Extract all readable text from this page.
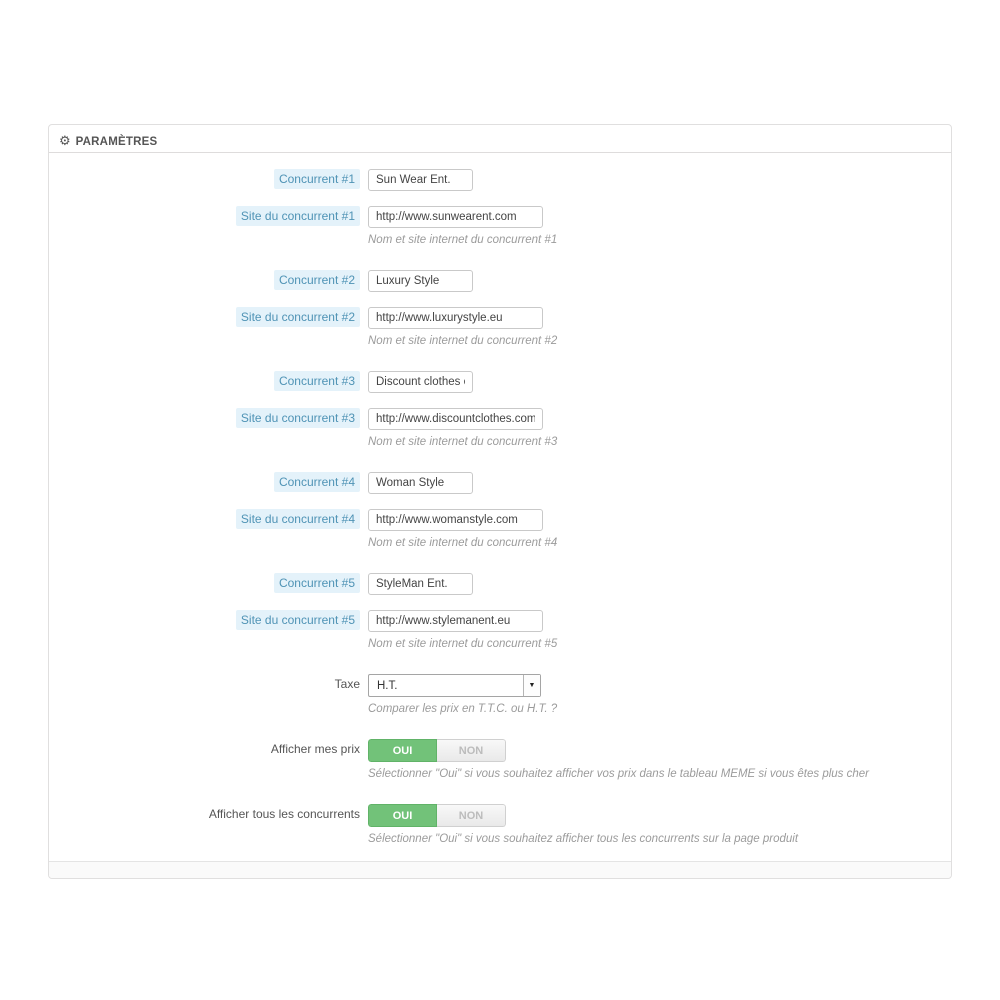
⚙ PARAMÈTRES
Concurrent #1
Sun Wear Ent.
Site du concurrent #1
http://www.sunwearent.com
Nom et site internet du concurrent #1
Concurrent #2
Luxury Style
Site du concurrent #2
http://www.luxurystyle.eu
Nom et site internet du concurrent #2
Concurrent #3
Discount clothes e
Site du concurrent #3
http://www.discountclothes.com
Nom et site internet du concurrent #3
Concurrent #4
Woman Style
Site du concurrent #4
http://www.womanstyle.com
Nom et site internet du concurrent #4
Concurrent #5
StyleMan Ent.
Site du concurrent #5
http://www.stylemanent.eu
Nom et site internet du concurrent #5
Taxe	H.T.	▼
Comparer les prix en T.T.C. ou H.T. ?
Afficher mes prix	OUI	NON
Sélectionner "Oui" si vous souhaitez afficher vos prix dans le tableau MEME si vous êtes plus cher
Afficher tous les concurrents	OUI	NON
Sélectionner "Oui" si vous souhaitez afficher tous les concurrents sur la page produit
